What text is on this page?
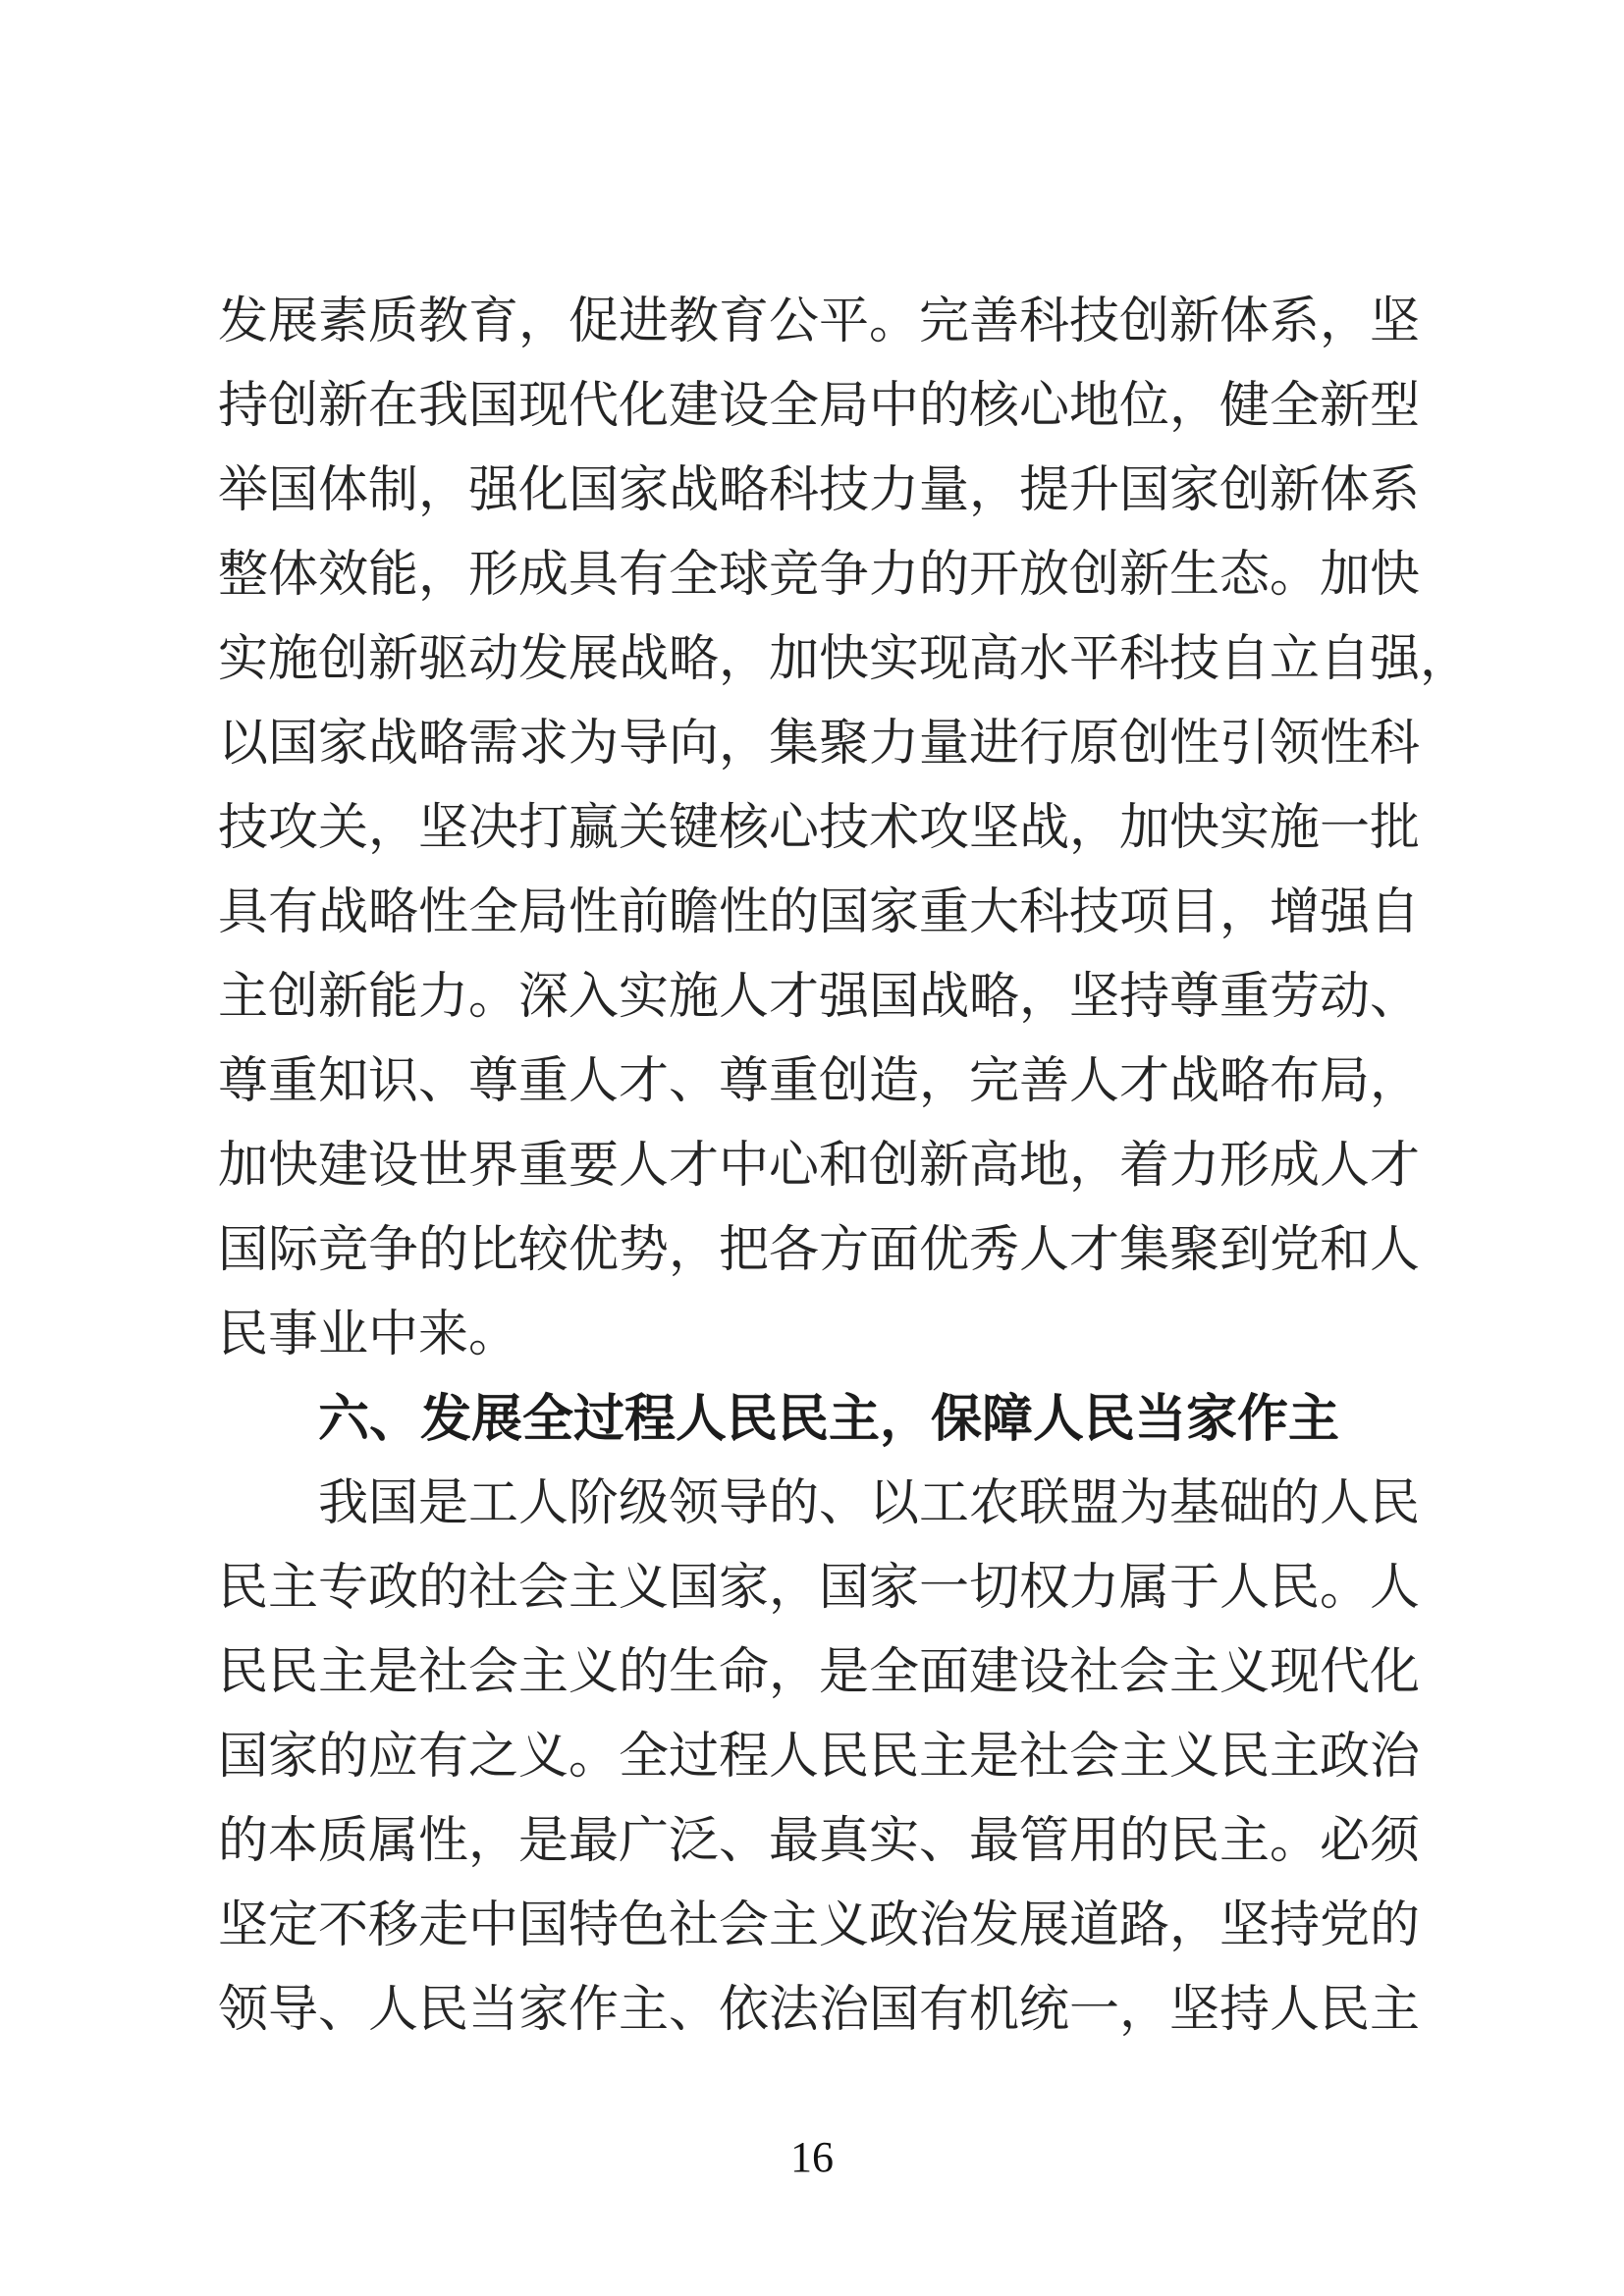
发展素质教育，促进教育公平。完善科技创新体系，坚
持创新在我国现代化建设全局中的核心地位，健全新型
举国体制，强化国家战略科技力量，提升国家创新体系
整体效能，形成具有全球竞争力的开放创新生态。加快
实施创新驱动发展战略，加快实现高水平科技自立自强，
以国家战略需求为导向，集聚力量进行原创性引领性科
技攻关，坚决打赢关键核心技术攻坚战，加快实施一批
具有战略性全局性前瞻性的国家重大科技项目，增强自
主创新能力。深入实施人才强国战略，坚持尊重劳动、
尊重知识、尊重人才、尊重创造，完善人才战略布局，
加快建设世界重要人才中心和创新高地，着力形成人才
国际竞争的比较优势，把各方面优秀人才集聚到党和人
民事业中来。
六、发展全过程人民民主，保障人民当家作主
我国是工人阶级领导的、以工农联盟为基础的人民
民主专政的社会主义国家，国家一切权力属于人民。人
民民主是社会主义的生命，是全面建设社会主义现代化
国家的应有之义。全过程人民民主是社会主义民主政治
的本质属性，是最广泛、最真实、最管用的民主。必须
坚定不移走中国特色社会主义政治发展道路，坚持党的
领导、人民当家作主、依法治国有机统一，坚持人民主
16
